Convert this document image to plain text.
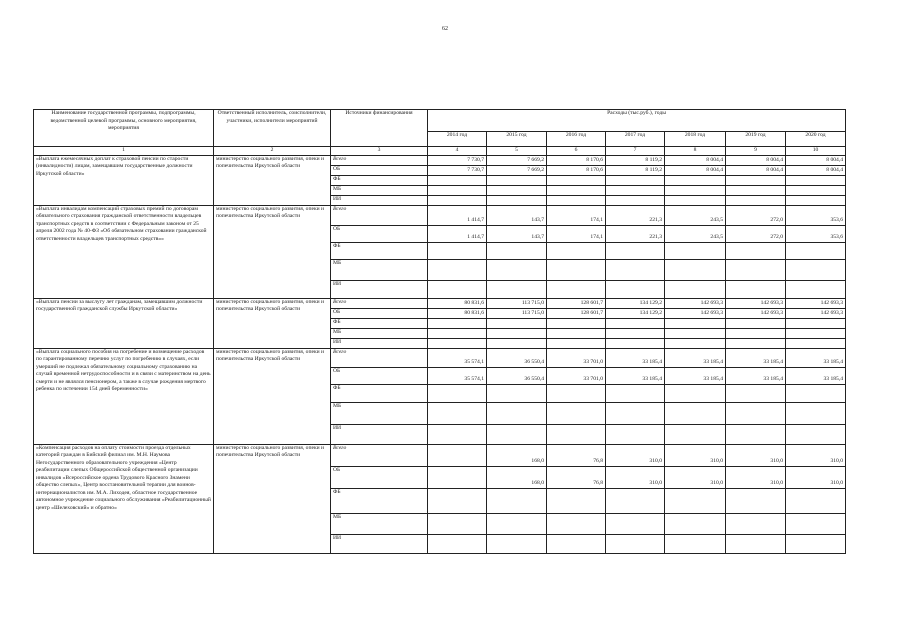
62
Наименование государственной программы, подпрограммы, ведомственной целевой программы, основного мероприятия, мероприятия	Ответственный исполнитель, соисполнители, участники, исполнители мероприятий	Источники финансирования	Расходы (тыс.руб.), годы						
			2014 год	2015 год	2016 год	2017 год	2018 год	2019 год	2020 год
1	2	3	4	5	6	7	8	9	10
«Выплата ежемесячных доплат к страховой пенсии по старости (инвалидности) лицам, замещавшим государственные должности Иркутской области»	министерство социального развития, опеки и попечительства Иркутской области	Всего	7 730,7	7 669,2	8 170,6	8 119,2	8 004,4	8 004,4	8 004,4
		ОБ	7 730,7	7 669,2	8 170,6	8 119,2	8 004,4	8 004,4	8 004,4
		ФБ							
		МБ							
		ИИ							
«Выплата инвалидам компенсаций страховых премий по договорам обязательного страхования гражданской ответственности владельцев транспортных средств в соответствии с Федеральным законом от 25 апреля 2002 года № 40-ФЗ «Об обязательном страховании гражданской ответственности владельцев транспортных средств»»	министерство социального развития, опеки и попечительства Иркутской области	Всего	1 414,7	143,7	174,1	221,3	243,5	272,0	353,6
		ОБ	1 414,7	143,7	174,1	221,3	243,5	272,0	353,6
		ФБ							
		МБ							
		ИИ							
«Выплата пенсии за выслугу лет гражданам, замещавшим должности государственной гражданской службы Иркутской области»	министерство социального развития, опеки и попечительства Иркутской области	Всего	80 831,6	113 715,0	128 601,7	134 129,2	142 693,3	142 693,3	142 693,3
		ОБ	80 831,6	113 715,0	128 601,7	134 129,2	142 693,3	142 693,3	142 693,3
		ФБ							
		МБ							
		ИИ							
«Выплата социального пособия на погребение и возмещение расходов по гарантированному перечню услуг по погребению в случаях, если умерший не подлежал обязательному социальному страхованию на случай временной нетрудоспособности и в связи с материнством на день смерти и не являлся пенсионером, а также в случае рождения мертвого ребенка по истечении 154 дней беременности»	министерство социального развития, опеки и попечительства Иркутской области	Всего	35 574,1	36 550,4	33 701,0	33 185,4	33 185,4	33 185,4	33 185,4
		ОБ	35 574,1	36 550,4	33 701,0	33 185,4	33 185,4	33 185,4	33 185,4
		ФБ							
		МБ							
		ИИ							
«Компенсация расходов на оплату стоимости проезда отдельных категорий граждан в Бийский филиал им. М.Н. Наумова Негосударственного образовательного учреждения «Центр реабилитации слепых Общероссийской общественной организации инвалидов «Всероссийское ордена Трудового Красного Знамени общество слепых», Центр восстановительной терапии для воинов-интернационалистов им. М.А. Лиходея, областное государственное автономное учреждение социального обслуживания «Реабилитационный центр «Шелеховский» и обратно»	министерство социального развития, опеки и попечительства Иркутской области	Всего		168,0	76,8	310,0	310,0	310,0	310,0
		ОБ		168,0	76,8	310,0	310,0	310,0	310,0
		ФБ							
		МБ							
		ИИ							
